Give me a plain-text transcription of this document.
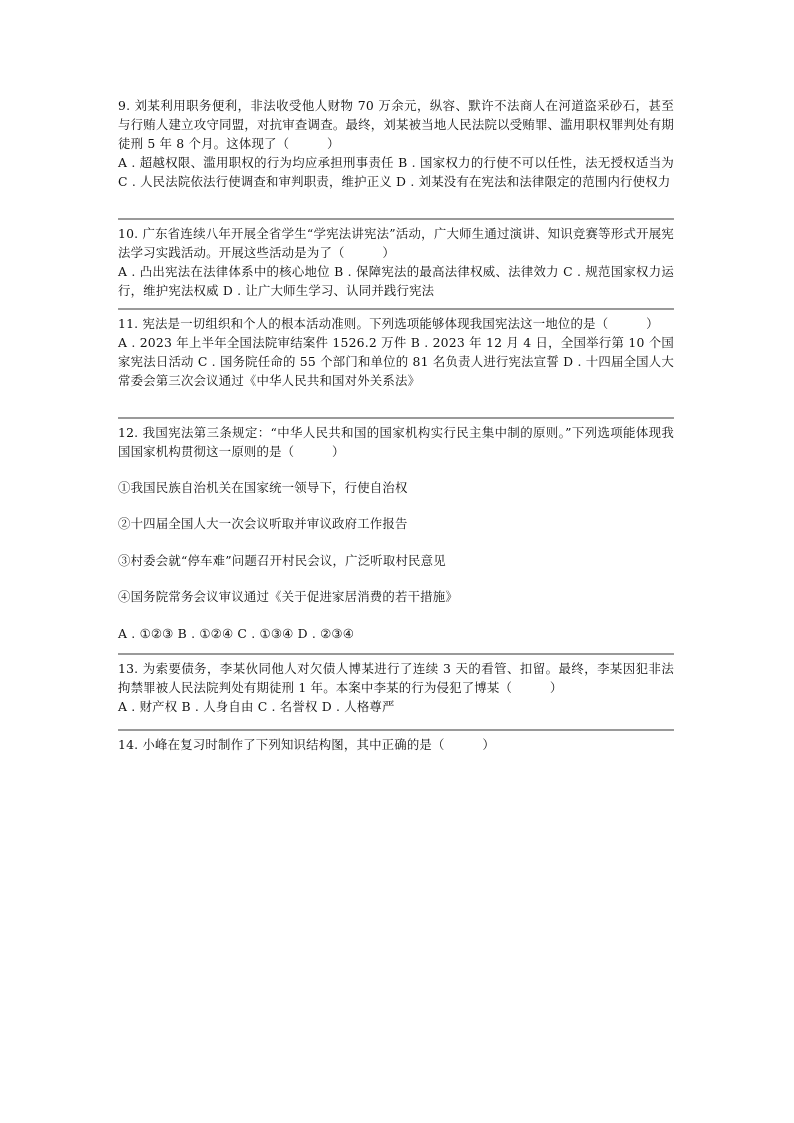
9. 刘某利用职务便利，非法收受他人财物 70 万余元，纵容、默许不法商人在河道盗采砂石，甚至与行贿人建立攻守同盟，对抗审查调查。最终，刘某被当地人民法院以受贿罪、滥用职权罪判处有期徒刑 5 年 8 个月。这体现了（　　　）

A . 超越权限、滥用职权的行为均应承担刑事责任 B . 国家权力的行使不可以任性，法无授权适当为 C . 人民法院依法行使调查和审判职责，维护正义 D . 刘某没有在宪法和法律限定的范围内行使权力

10. 广东省连续八年开展全省学生“学宪法讲宪法”活动，广大师生通过演讲、知识竞赛等形式开展宪法学习实践活动。开展这些活动是为了（　　　）

A . 凸出宪法在法律体系中的核心地位 B . 保障宪法的最高法律权威、法律效力 C . 规范国家权力运行，维护宪法权威 D . 让广大师生学习、认同并践行宪法

11. 宪法是一切组织和个人的根本活动准则。下列选项能够体现我国宪法这一地位的是（　　　）

A . 2023 年上半年全国法院审结案件 1526.2 万件 B . 2023 年 12 月 4 日，全国举行第 10 个国家宪法日活动 C . 国务院任命的 55 个部门和单位的 81 名负责人进行宪法宣誓 D . 十四届全国人大常委会第三次会议通过《中华人民共和国对外关系法》

12. 我国宪法第三条规定：“中华人民共和国的国家机构实行民主集中制的原则。”下列选项能体现我国国家机构贯彻这一原则的是（　　　）

①我国民族自治机关在国家统一领导下，行使自治权
②十四届全国人大一次会议听取并审议政府工作报告
③村委会就“停车难”问题召开村民会议，广泛听取村民意见
④国务院常务会议审议通过《关于促进家居消费的若干措施》
A . ①②③ B . ①②④ C . ①③④ D . ②③④

13. 为索要债务，李某伙同他人对欠债人博某进行了连续 3 天的看管、扣留。最终，李某因犯非法拘禁罪被人民法院判处有期徒刑 1 年。本案中李某的行为侵犯了博某（　　　）

A . 财产权 B . 人身自由 C . 名誉权 D . 人格尊严

14. 小峰在复习时制作了下列知识结构图，其中正确的是（　　　）
